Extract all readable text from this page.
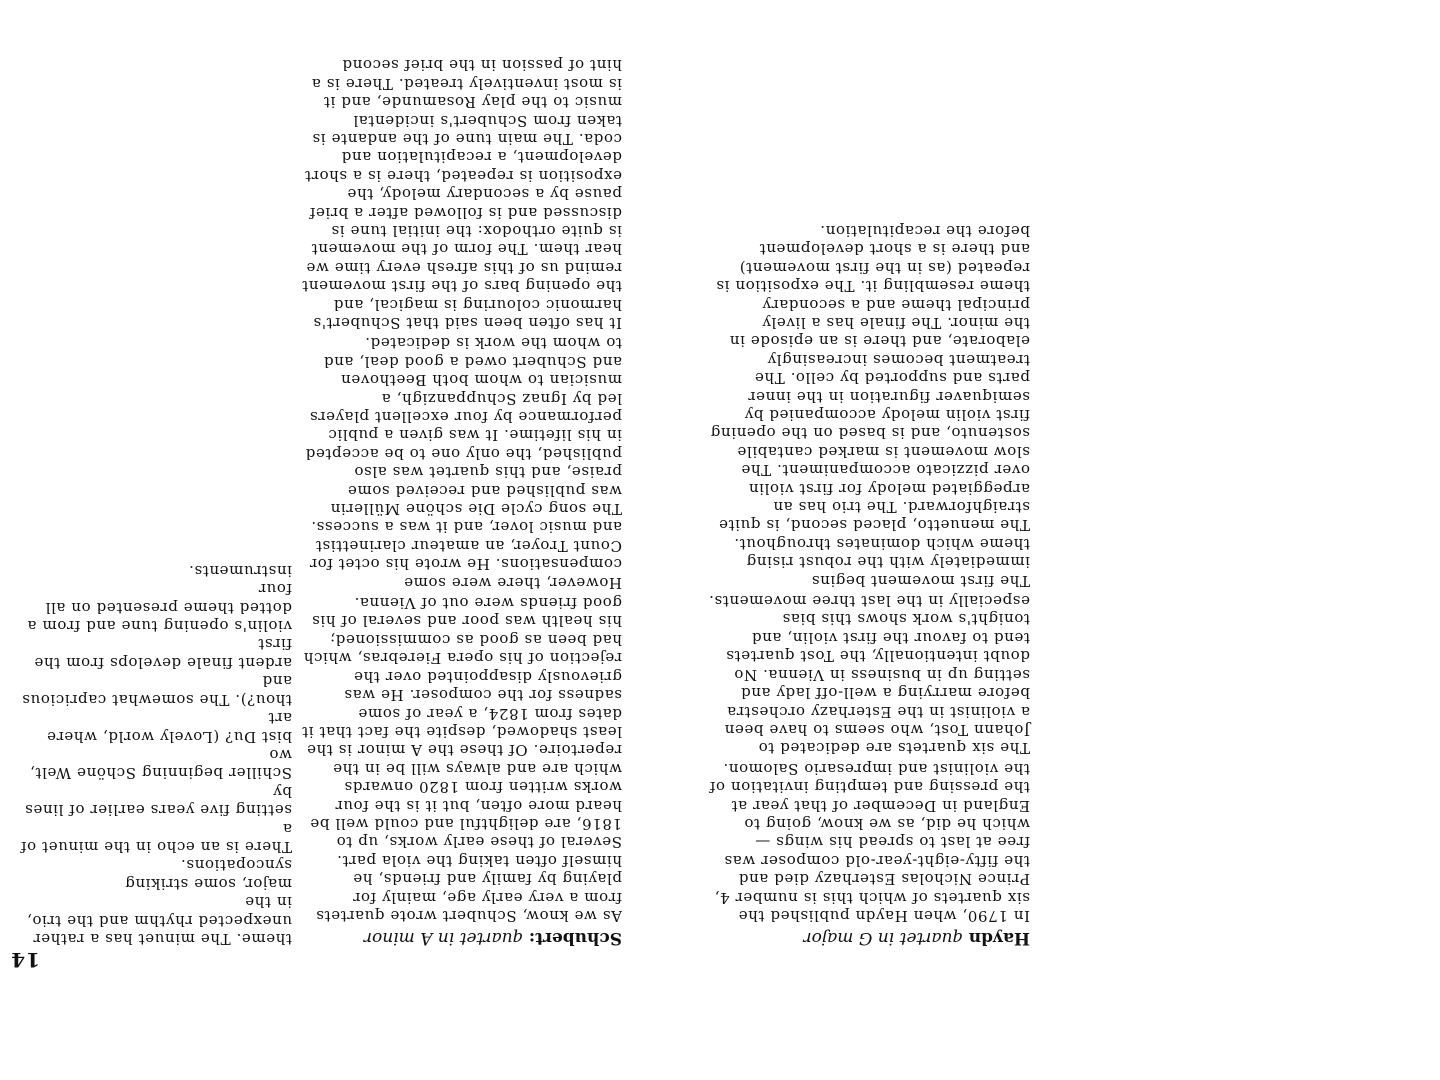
14

Haydn quartet in G major

In 1790, when Haydn published the
six quartets of which this is number 4,
Prince Nicholas Esterhazy died and
the fifty-eight-year-old composer was
free at last to spread his wings —
which he did, as we know, going to
England in December of that year at
the pressing and tempting invitation of
the violinist and impresario Salomon.

The six quartets are dedicated to
Johann Tost, who seems to have been
a violinist in the Esterhazy orchestra
before marrying a well-off lady and
setting up in business in Vienna. No
doubt intentionally, the Tost quartets
tend to favour the first violin, and
tonight's work shows this bias
especially in the last three movements.

The first movement begins
immediately with the robust rising
theme which dominates throughout.
The menuetto, placed second, is quite
straighforward. The trio has an
arpeggiated melody for first violin
over pizzicato accompaniment. The
slow movement is marked cantabile
sostenuto, and is based on the opening
first violin melody accompanied by
semiquaver figuration in the inner
parts and supported by cello. The
treatment becomes increasingly
elaborate, and there is an episode in
the minor. The finale has a lively
principal theme and a secondary
theme resembling it. The exposition is
repeated (as in the first movement)
and there is a short development
before the recapitulation.

Schubert: quartet in A minor

As we know, Schubert wrote quartets
from a very early age, mainly for
playing by family and friends, he
himself often taking the viola part.
Several of these early works, up to
1816, are delightful and could well be
heard more often, but it is the four
works written from 1820 onwards
which are and always will be in the
repertoire. Of these the A minor is the
least shadowed, despite the fact that it
dates from 1824, a year of some
sadness for the composer. He was
grievously disappointed over the
rejection of his opera Fierebras, which
had been as good as commissioned;
his health was poor and several of his
good friends were out of Vienna.

However, there were some
compensations. He wrote his octet for
Count Troyer, an amateur clarinettist
and music lover, and it was a success.
The song cycle Die schöne Müllerin
was published and received some
praise, and this quartet was also
published, the only one to be accepted
in his lifetime. It was given a public
performance by four excellent players
led by Ignaz Schuppanzigh, a
musician to whom both Beethoven
and Schubert owed a good deal, and
to whom the work is dedicated.

It has often been said that Schubert's
harmonic colouring is magical, and
the opening bars of the first movement
remind us of this afresh every time we
hear them. The form of the movement
is quite orthodox: the initial tune is
discussed and is followed after a brief
pause by a secondary melody, the
exposition is repeated, there is a short
development, a recapitulation and
coda. The main tune of the andante is
taken from Schubert's incidental
music to the play Rosamunde, and it
is most inventively treated. There is a
hint of passion in the brief second

theme. The minuet has a rather
unexpected rhythm and the trio, in the
major, some striking syncopations.
There is an echo in the minuet of a
setting five years earlier of lines by
Schiller beginning Schöne Welt, wo
bist Du? (Lovely world, where art
thou?). The somewhat capricious and
ardent finale develops from the first
violin's opening tune and from a
dotted theme presented on all four
instruments.
